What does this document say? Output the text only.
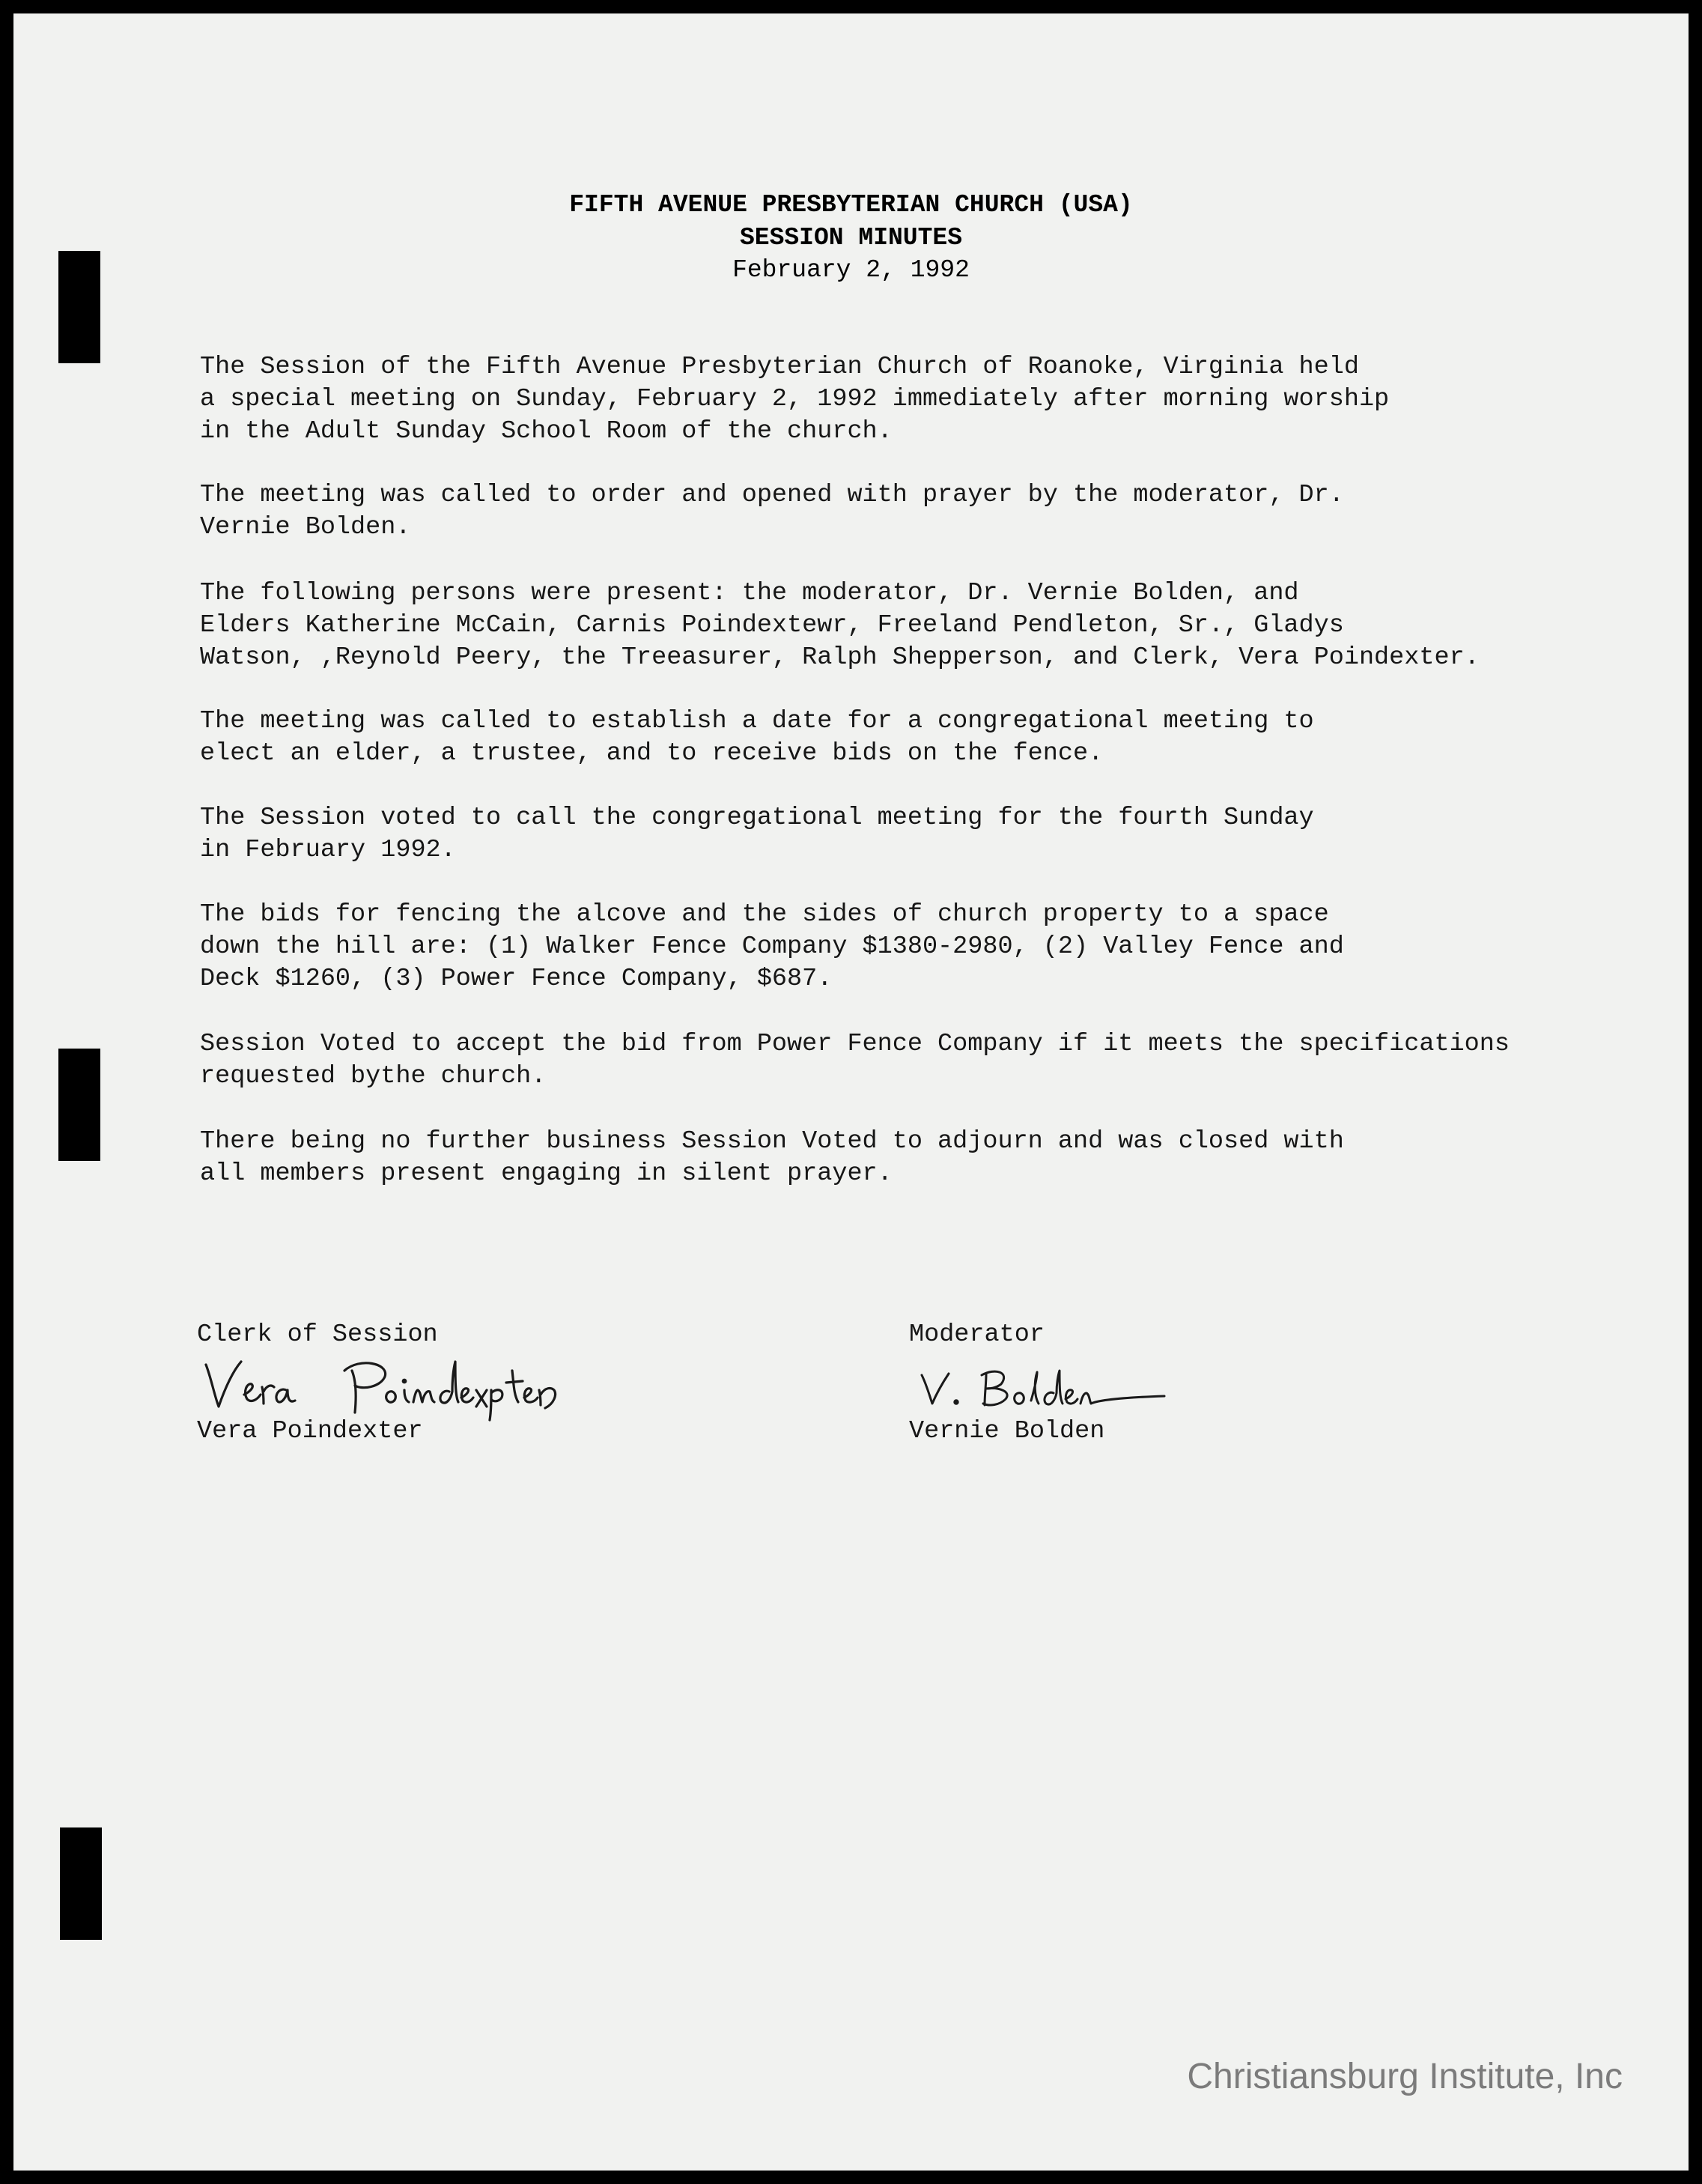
FIFTH AVENUE PRESBYTERIAN CHURCH (USA)
SESSION MINUTES
February 2, 1992
The Session of the Fifth Avenue Presbyterian Church of Roanoke, Virginia held
a special meeting on Sunday, February 2, 1992 immediately after morning worship
in the Adult Sunday School Room of the church.
The meeting was called to order and opened with prayer by the moderator, Dr.
Vernie Bolden.
The following persons were present: the moderator, Dr. Vernie Bolden, and
Elders Katherine McCain, Carnis Poindextewr, Freeland Pendleton, Sr., Gladys
Watson, ,Reynold Peery, the Treeasurer, Ralph Shepperson, and Clerk, Vera Poindexter.
The meeting was called to establish a date for a congregational meeting to
elect an elder, a trustee, and to receive bids on the fence.
The Session voted to call the congregational meeting for the fourth Sunday
in February 1992.
The bids for fencing the alcove and the sides of church property to a space
down the hill are: (1) Walker Fence Company $1380-2980, (2) Valley Fence and
Deck $1260, (3) Power Fence Company, $687.
Session Voted to accept the bid from Power Fence Company if it meets the specifications
requested bythe church.
There being no further business Session Voted to adjourn and was closed with
all members present engaging in silent prayer.
Clerk of Session
Vera Poindexter
Moderator
Vernie Bolden
Christiansburg Institute, Inc
